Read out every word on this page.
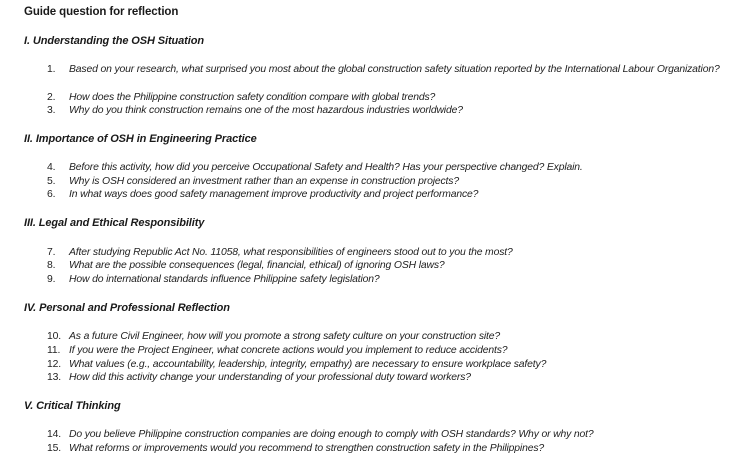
Guide question for reflection
I. Understanding the OSH Situation
1.	Based on your research, what surprised you most about the global construction safety situation reported by the International Labour Organization?
2. How does the Philippine construction safety condition compare with global trends?
3. Why do you think construction remains one of the most hazardous industries worldwide?
II. Importance of OSH in Engineering Practice
4. Before this activity, how did you perceive Occupational Safety and Health? Has your perspective changed? Explain.
5. Why is OSH considered an investment rather than an expense in construction projects?
6. In what ways does good safety management improve productivity and project performance?
III. Legal and Ethical Responsibility
7. After studying Republic Act No. 11058, what responsibilities of engineers stood out to you the most?
8. What are the possible consequences (legal, financial, ethical) of ignoring OSH laws?
9. How do international standards influence Philippine safety legislation?
IV. Personal and Professional Reflection
10. As a future Civil Engineer, how will you promote a strong safety culture on your construction site?
11. If you were the Project Engineer, what concrete actions would you implement to reduce accidents?
12. What values (e.g., accountability, leadership, integrity, empathy) are necessary to ensure workplace safety?
13. How did this activity change your understanding of your professional duty toward workers?
V. Critical Thinking
14. Do you believe Philippine construction companies are doing enough to comply with OSH standards? Why or why not?
15. What reforms or improvements would you recommend to strengthen construction safety in the Philippines?
